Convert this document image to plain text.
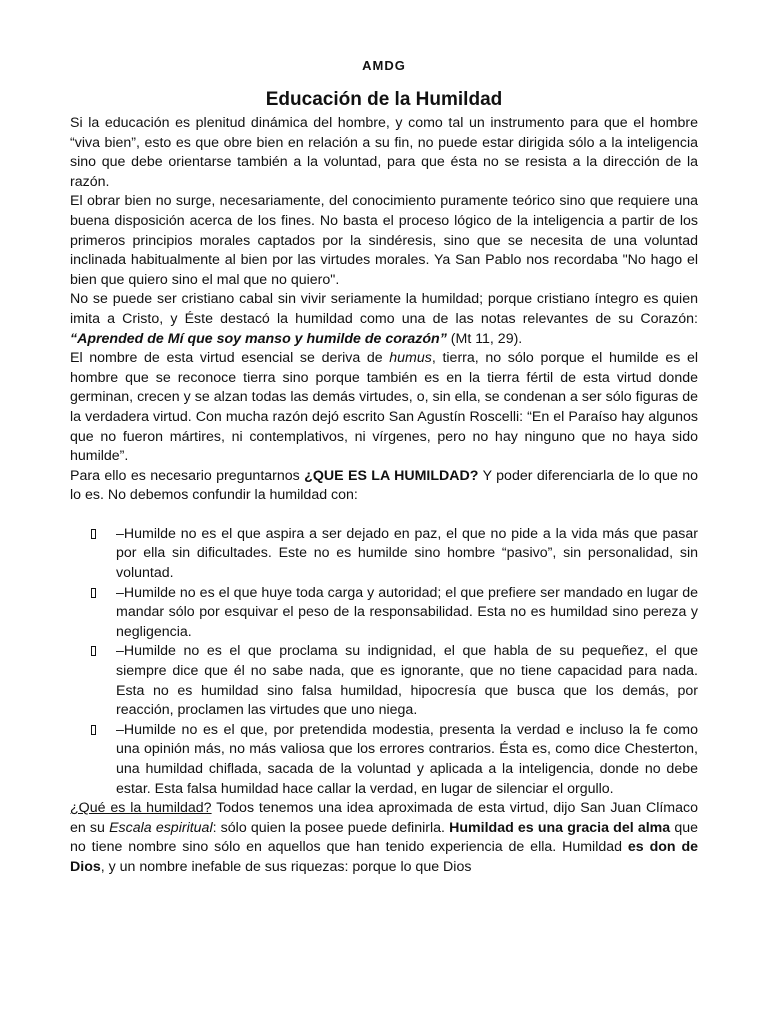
AMDG
Educación de la Humildad

Si la educación es plenitud dinámica del hombre, y como tal un instrumento para que el hombre “viva bien”, esto es que obre bien en relación a su fin, no puede estar dirigida sólo a la inteligencia sino que debe orientarse también a la voluntad, para que ésta no se resista a la dirección de la razón.

El obrar bien no surge, necesariamente, del conocimiento puramente teórico sino que requiere una buena disposición acerca de los fines. No basta el proceso lógico de la inteligencia a partir de los primeros principios morales captados por la sindéresis, sino que se necesita de una voluntad inclinada habitualmente al bien por las virtudes morales. Ya San Pablo nos recordaba "No hago el bien que quiero sino el mal que no quiero".

No se puede ser cristiano cabal sin vivir seriamente la humildad; porque cristiano íntegro es quien imita a Cristo, y Éste destacó la humildad como una de las notas relevantes de su Corazón: “Aprended de Mí que soy manso y humilde de corazón” (Mt 11, 29).

El nombre de esta virtud esencial se deriva de humus, tierra, no sólo porque el humilde es el hombre que se reconoce tierra sino porque también es en la tierra fértil de esta virtud donde germinan, crecen y se alzan todas las demás virtudes, o, sin ella, se condenan a ser sólo figuras de la verdadera virtud. Con mucha razón dejó escrito San Agustín Roscelli: “En el Paraíso hay algunos que no fueron mártires, ni contemplativos, ni vírgenes, pero no hay ninguno que no haya sido humilde”.

Para ello es necesario preguntarnos ¿QUE ES LA HUMILDAD? Y poder diferenciarla de lo que no lo es. No debemos confundir la humildad con:

–Humilde no es el que aspira a ser dejado en paz, el que no pide a la vida más que pasar por ella sin dificultades. Este no es humilde sino hombre “pasivo”, sin personalidad, sin voluntad.
–Humilde no es el que huye toda carga y autoridad; el que prefiere ser mandado en lugar de mandar sólo por esquivar el peso de la responsabilidad. Esta no es humildad sino pereza y negligencia.
–Humilde no es el que proclama su indignidad, el que habla de su pequeñez, el que siempre dice que él no sabe nada, que es ignorante, que no tiene capacidad para nada. Esta no es humildad sino falsa humildad, hipocresía que busca que los demás, por reacción, proclamen las virtudes que uno niega.
–Humilde no es el que, por pretendida modestia, presenta la verdad e incluso la fe como una opinión más, no más valiosa que los errores contrarios. Ésta es, como dice Chesterton, una humildad chiflada, sacada de la voluntad y aplicada a la inteligencia, donde no debe estar. Esta falsa humildad hace callar la verdad, en lugar de silenciar el orgullo.

¿Qué es la humildad? Todos tenemos una idea aproximada de esta virtud, dijo San Juan Clímaco en su Escala espiritual: sólo quien la posee puede definirla. Humildad es una gracia del alma que no tiene nombre sino sólo en aquellos que han tenido experiencia de ella. Humildad es don de Dios, y un nombre inefable de sus riquezas: porque lo que Dios
